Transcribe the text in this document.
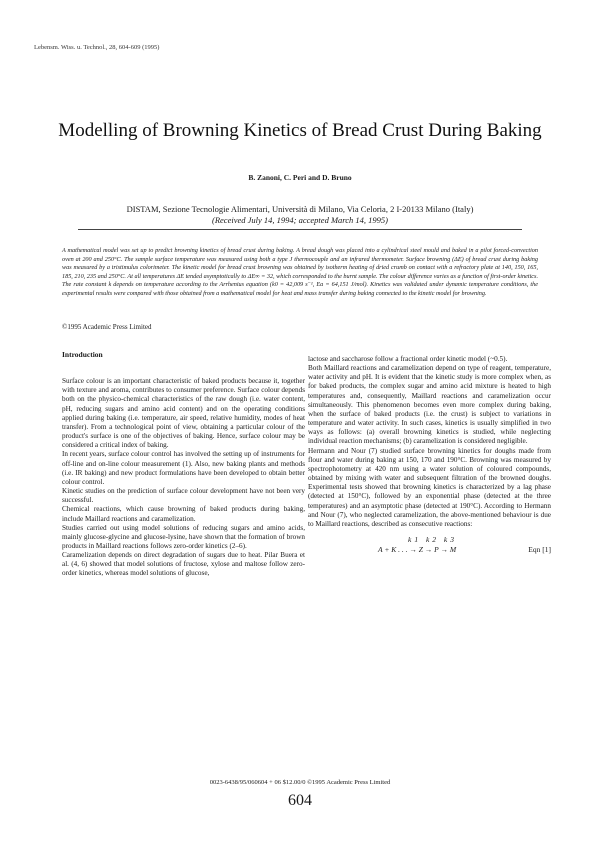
Lebensm. Wiss. u. Technol., 28, 604-609 (1995)
Modelling of Browning Kinetics of Bread Crust During Baking
B. Zanoni, C. Peri and D. Bruno
DISTAM, Sezione Tecnologie Alimentari, Università di Milano, Via Celoria, 2 I-20133 Milano (Italy)
(Received July 14, 1994; accepted March 14, 1995)
A mathematical model was set up to predict browning kinetics of bread crust during baking. A bread dough was placed into a cylindrical steel mould and baked in a pilot forced-convection oven at 200 and 250°C. The sample surface temperature was measured using both a type J thermocouple and an infrared thermometer. Surface browning (ΔE) of bread crust during baking was measured by a tristimulus colorimeter. The kinetic model for bread crust browning was obtained by isotherm heating of dried crumb on contact with a refractory plate at 140, 150, 165, 185, 210, 235 and 250°C. At all temperatures ΔE tended asymptotically to ΔE∞ = 32, which corresponded to the burnt sample. The colour difference varies as a function of first-order kinetics. The rate constant k depends on temperature according to the Arrhenius equation (k0 = 42,009 s⁻¹, Ea = 64,151 J/mol). Kinetics was validated under dynamic temperature conditions, the experimental results were compared with those obtained from a mathematical model for heat and mass transfer during baking connected to the kinetic model for browning.
©1995 Academic Press Limited
Introduction

Surface colour is an important characteristic of baked products because it, together with texture and aroma, contributes to consumer preference. Surface colour depends both on the physico-chemical characteristics of the raw dough (i.e. water content, pH, reducing sugars and amino acid content) and on the operating conditions applied during baking (i.e. temperature, air speed, relative humidity, modes of heat transfer). From a technological point of view, obtaining a particular colour of the product's surface is one of the objectives of baking. Hence, surface colour may be considered a critical index of baking.

In recent years, surface colour control has involved the setting up of instruments for off-line and on-line colour measurement (1). Also, new baking plants and methods (i.e. IR baking) and new product formulations have been developed to obtain better colour control.

Kinetic studies on the prediction of surface colour development have not been very successful.

Chemical reactions, which cause browning of baked products during baking, include Maillard reactions and caramelization.

Studies carried out using model solutions of reducing sugars and amino acids, mainly glucose-glycine and glucose-lysine, have shown that the formation of brown products in Maillard reactions follows zero-order kinetics (2–6).

Caramelization depends on direct degradation of sugars due to heat. Pilar Buera et al. (4, 6) showed that model solutions of fructose, xylose and maltose follow zero-order kinetics, whereas model solutions of glucose,

lactose and saccharose follow a fractional order kinetic model (~0.5).

Both Maillard reactions and caramelization depend on type of reagent, temperature, water activity and pH. It is evident that the kinetic study is more complex when, as for baked products, the complex sugar and amino acid mixture is heated to high temperatures and, consequently, Maillard reactions and caramelization occur simultaneously. This phenomenon becomes even more complex during baking, when the surface of baked products (i.e. the crust) is subject to variations in temperature and water activity. In such cases, kinetics is usually simplified in two ways as follows: (a) overall browning kinetics is studied, while neglecting individual reaction mechanisms; (b) caramelization is considered negligible.

Hermann and Nour (7) studied surface browning kinetics for doughs made from flour and water during baking at 150, 170 and 190°C. Browning was measured by spectrophotometry at 420 nm using a water solution of coloured compounds, obtained by mixing with water and subsequent filtration of the browned doughs. Experimental tests showed that browning kinetics is characterized by a lag phase (detected at 150°C), followed by an exponential phase (detected at the three temperatures) and an asymptotic phase (detected at 190°C). According to Hermann and Nour (7), who neglected caramelization, the above-mentioned behaviour is due to Maillard reactions, described as consecutive reactions:

k1 k2 k3
A + K . . . → Z → P → M	Eqn [1]
0023-6438/95/060604 + 06 $12.00/0 ©1995 Academic Press Limited
604
